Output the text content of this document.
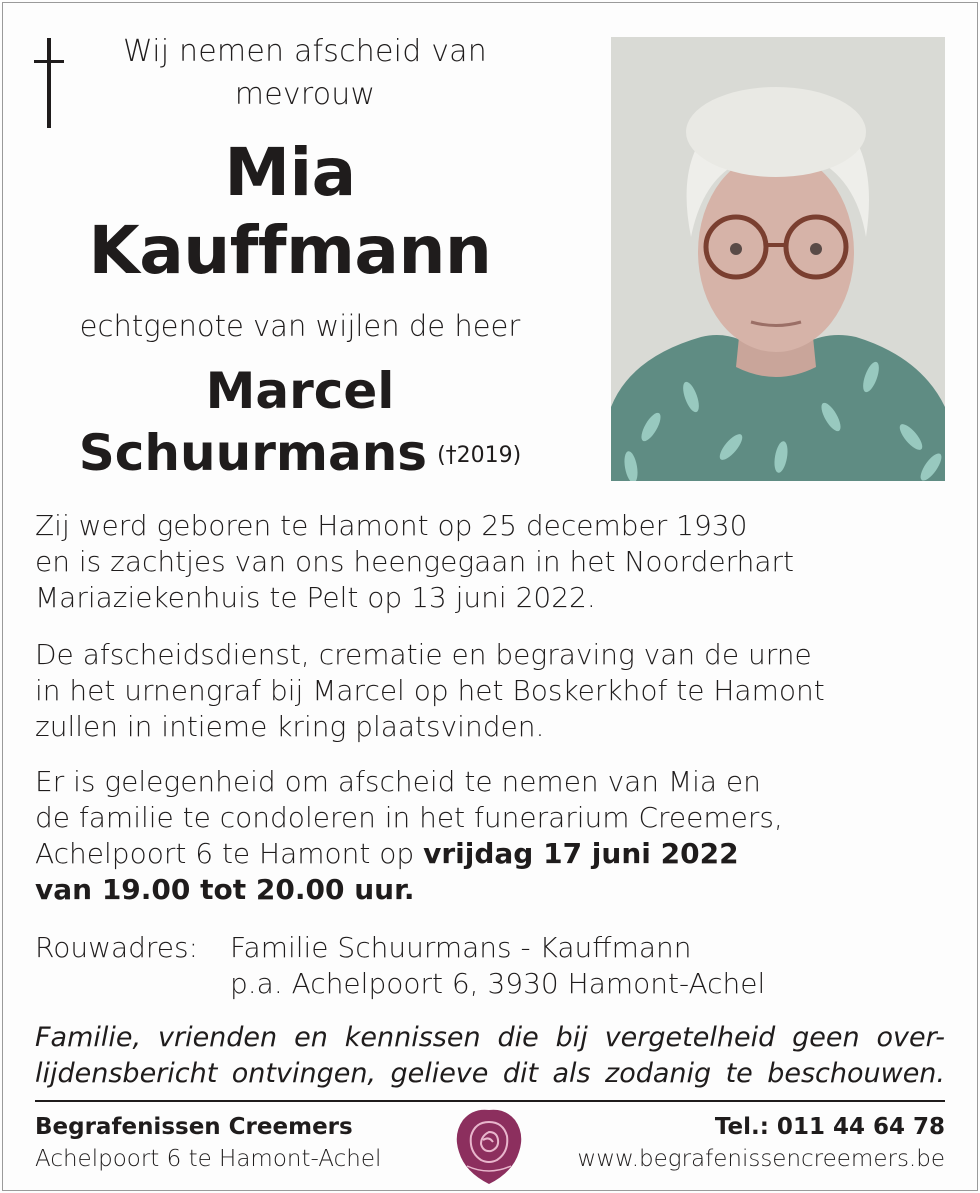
Wij nemen afscheid van
mevrouw
Mia
Kauffmann
echtgenote van wijlen de heer
Marcel
Schuurmans (†2019)
Zij werd geboren te Hamont op 25 december 1930
en is zachtjes van ons heengegaan in het Noorderhart
Mariaziekenhuis te Pelt op 13 juni 2022.
De afscheidsdienst, crematie en begraving van de urne
in het urnengraf bij Marcel op het Boskerkhof te Hamont
zullen in intieme kring plaatsvinden.
Er is gelegenheid om afscheid te nemen van Mia en
de familie te condoleren in het funerarium Creemers,
Achelpoort 6 te Hamont op vrijdag 17 juni 2022
van 19.00 tot 20.00 uur.
Rouwadres: Familie Schuurmans - Kauffmann
p.a. Achelpoort 6, 3930 Hamont-Achel
Familie, vrienden en kennissen die bij vergetelheid geen over-
lijdensbericht ontvingen, gelieve dit als zodanig te beschouwen.
Begrafenissen Creemers
Achelpoort 6 te Hamont-Achel
Tel.: 011 44 64 78
www.begrafenissencreemers.be
